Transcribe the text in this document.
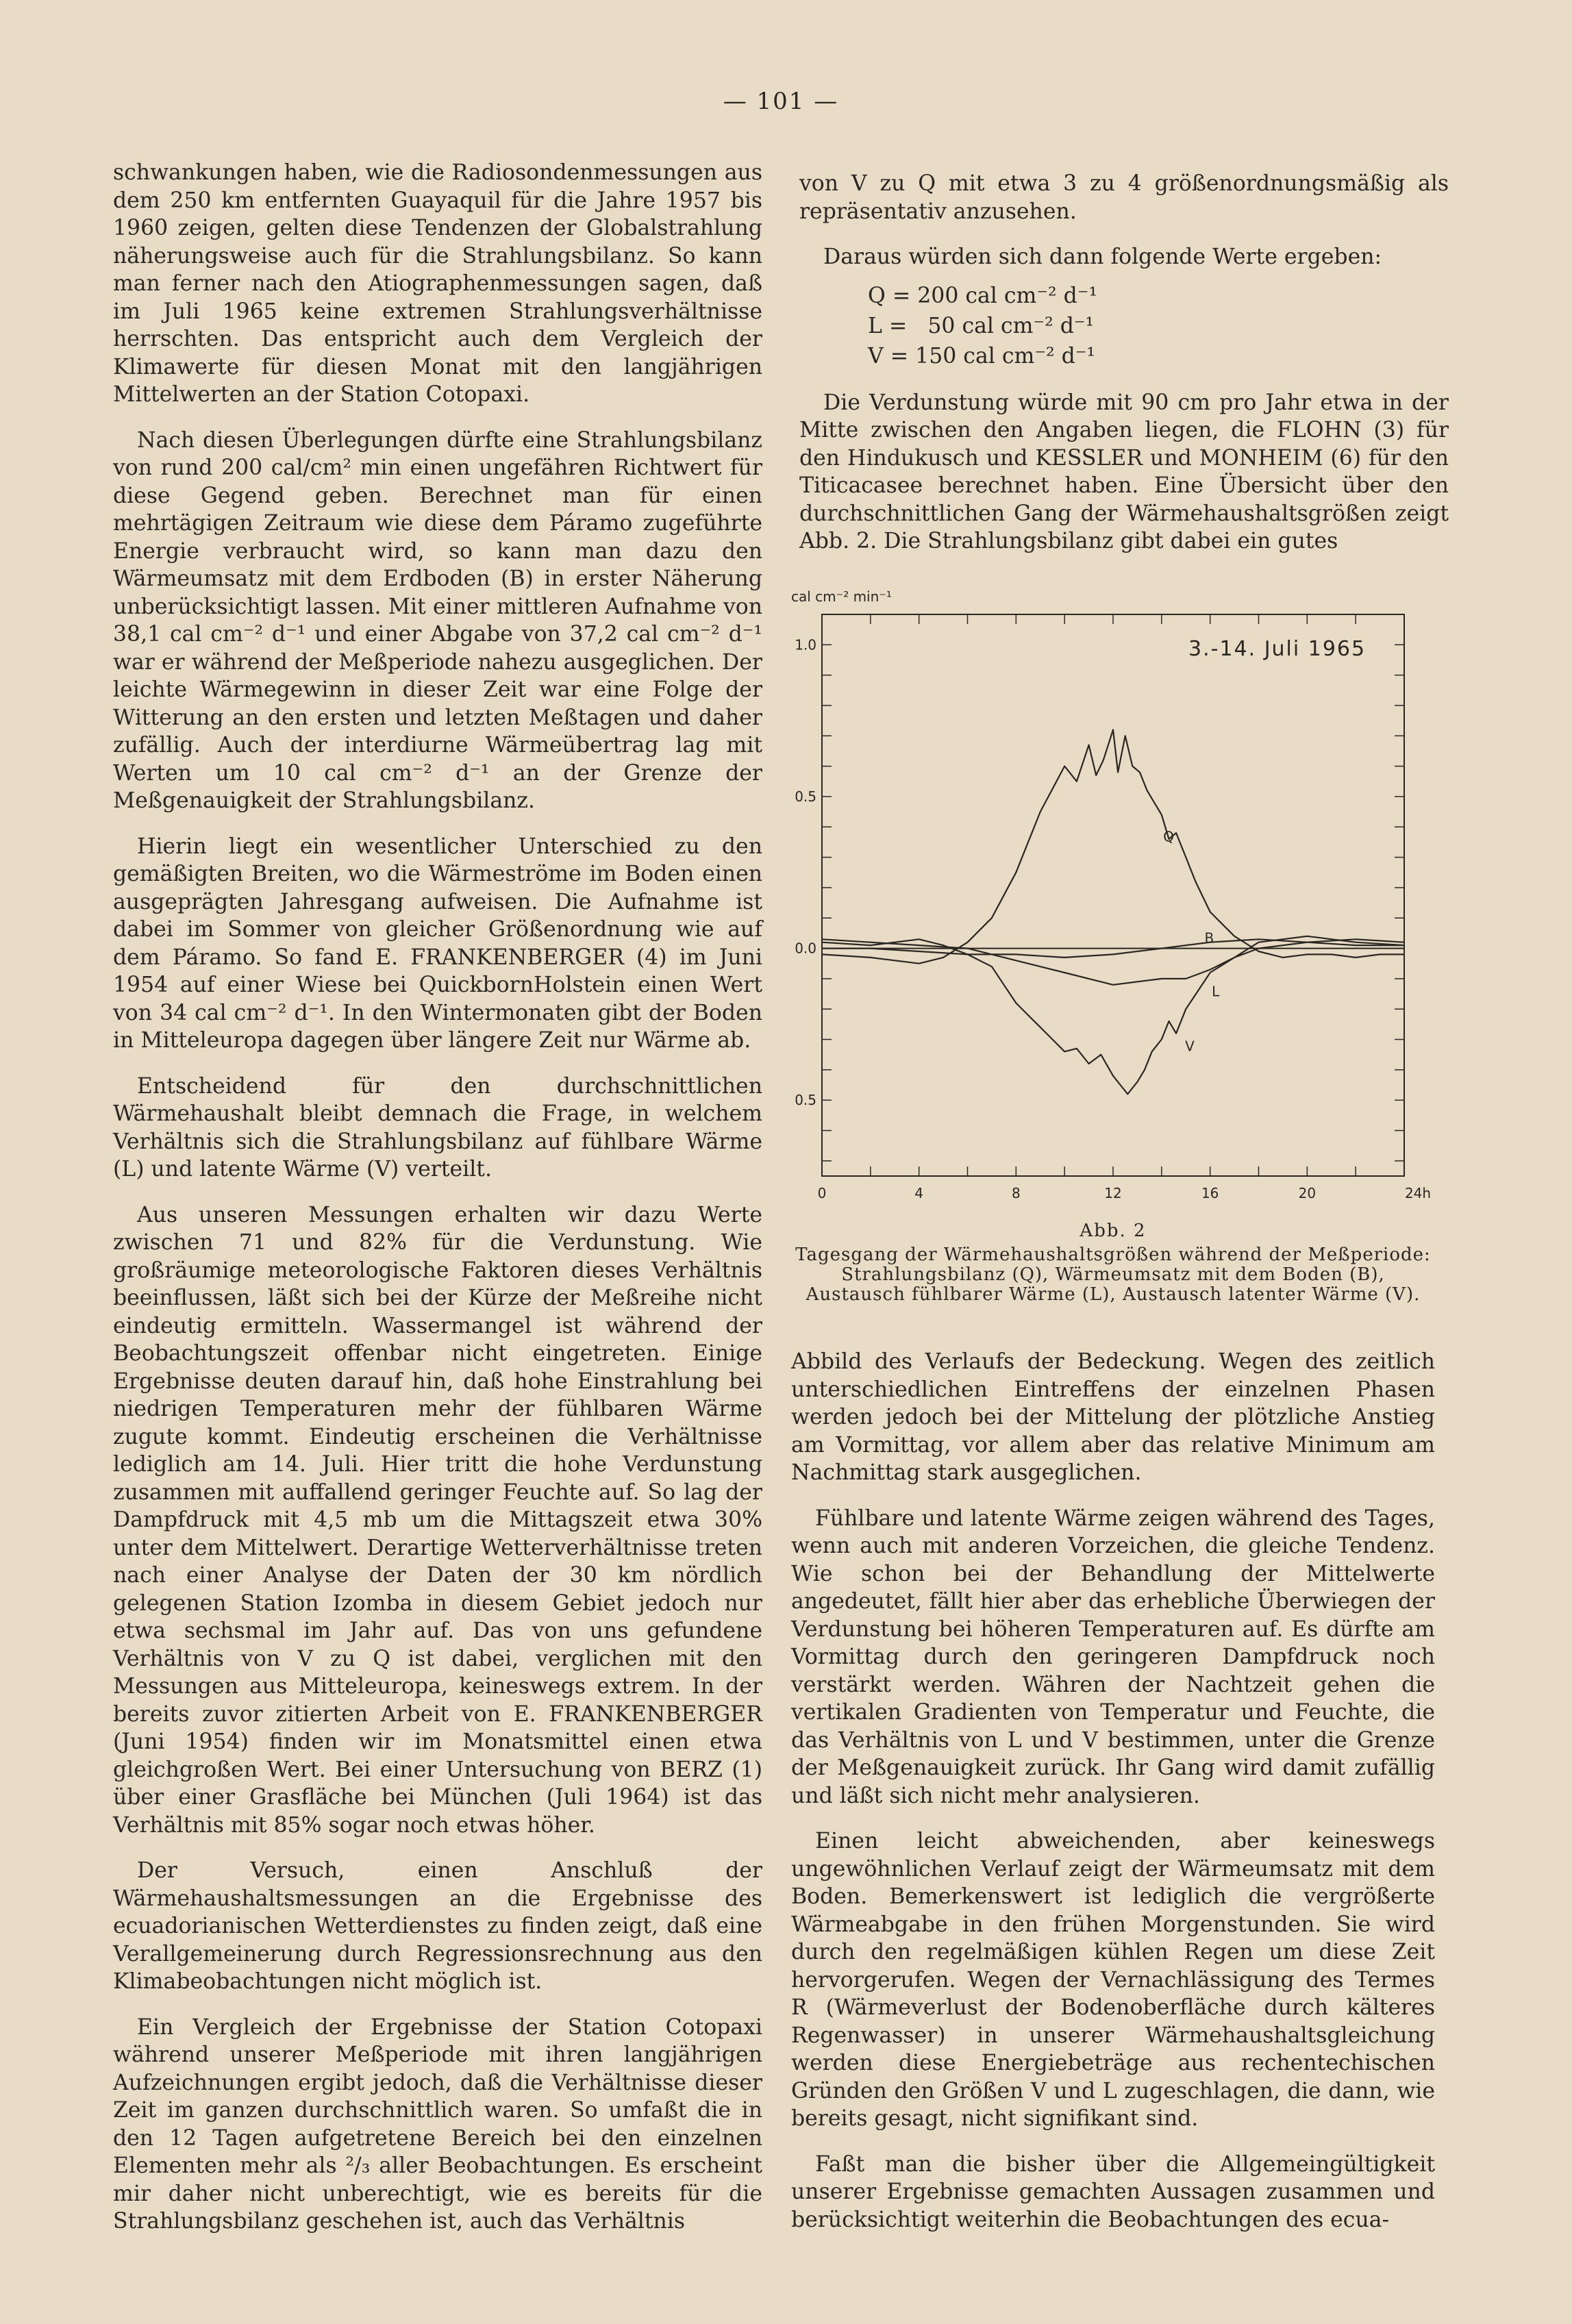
— 101 —

schwankungen haben, wie die Radiosondenmessungen aus dem 250 km entfernten Guayaquil für die Jahre 1957 bis 1960 zeigen, gelten diese Tendenzen der Globalstrahlung näherungsweise auch für die Strahlungsbilanz. So kann man ferner nach den Atiographenmessungen sagen, daß im Juli 1965 keine extremen Strahlungsverhältnisse herrschten. Das entspricht auch dem Vergleich der Klimawerte für diesen Monat mit den langjährigen Mittelwerten an der Station Cotopaxi.

Nach diesen Überlegungen dürfte eine Strahlungsbilanz von rund 200 cal/cm² min einen ungefähren Richtwert für diese Gegend geben. Berechnet man für einen mehrtägigen Zeitraum wie diese dem Páramo zugeführte Energie verbraucht wird, so kann man dazu den Wärmeumsatz mit dem Erdboden (B) in erster Näherung unberücksichtigt lassen. Mit einer mittleren Aufnahme von 38,1 cal cm⁻² d⁻¹ und einer Abgabe von 37,2 cal cm⁻² d⁻¹ war er während der Meßperiode nahezu ausgeglichen. Der leichte Wärmegewinn in dieser Zeit war eine Folge der Witterung an den ersten und letzten Meßtagen und daher zufällig. Auch der interdiurne Wärmeübertrag lag mit Werten um 10 cal cm⁻² d⁻¹ an der Grenze der Meßgenauigkeit der Strahlungsbilanz.

Hierin liegt ein wesentlicher Unterschied zu den gemäßigten Breiten, wo die Wärmeströme im Boden einen ausgeprägten Jahresgang aufweisen. Die Aufnahme ist dabei im Sommer von gleicher Größenordnung wie auf dem Páramo. So fand E. FRANKENBERGER (4) im Juni 1954 auf einer Wiese bei QuickbornHolstein einen Wert von 34 cal cm⁻² d⁻¹. In den Wintermonaten gibt der Boden in Mitteleuropa dagegen über längere Zeit nur Wärme ab.

Entscheidend für den durchschnittlichen Wärmehaushalt bleibt demnach die Frage, in welchem Verhältnis sich die Strahlungsbilanz auf fühlbare Wärme (L) und latente Wärme (V) verteilt.

Aus unseren Messungen erhalten wir dazu Werte zwischen 71 und 82% für die Verdunstung. Wie großräumige meteorologische Faktoren dieses Verhältnis beeinflussen, läßt sich bei der Kürze der Meßreihe nicht eindeutig ermitteln. Wassermangel ist während der Beobachtungszeit offenbar nicht eingetreten. Einige Ergebnisse deuten darauf hin, daß hohe Einstrahlung bei niedrigen Temperaturen mehr der fühlbaren Wärme zugute kommt. Eindeutig erscheinen die Verhältnisse lediglich am 14. Juli. Hier tritt die hohe Verdunstung zusammen mit auffallend geringer Feuchte auf. So lag der Dampfdruck mit 4,5 mb um die Mittagszeit etwa 30% unter dem Mittelwert. Derartige Wetterverhältnisse treten nach einer Analyse der Daten der 30 km nördlich gelegenen Station Izomba in diesem Gebiet jedoch nur etwa sechsmal im Jahr auf. Das von uns gefundene Verhältnis von V zu Q ist dabei, verglichen mit den Messungen aus Mitteleuropa, keineswegs extrem. In der bereits zuvor zitierten Arbeit von E. FRANKENBERGER (Juni 1954) finden wir im Monatsmittel einen etwa gleichgroßen Wert. Bei einer Untersuchung von BERZ (1) über einer Grasfläche bei München (Juli 1964) ist das Verhältnis mit 85% sogar noch etwas höher.

Der Versuch, einen Anschluß der Wärmehaushaltsmessungen an die Ergebnisse des ecuadorianischen Wetterdienstes zu finden zeigt, daß eine Verallgemeinerung durch Regressionsrechnung aus den Klimabeobachtungen nicht möglich ist.

Ein Vergleich der Ergebnisse der Station Cotopaxi während unserer Meßperiode mit ihren langjährigen Aufzeichnungen ergibt jedoch, daß die Verhältnisse dieser Zeit im ganzen durchschnittlich waren. So umfaßt die in den 12 Tagen aufgetretene Bereich bei den einzelnen Elementen mehr als ²/₃ aller Beobachtungen. Es erscheint mir daher nicht unberechtigt, wie es bereits für die Strahlungsbilanz geschehen ist, auch das Verhältnis

von V zu Q mit etwa 3 zu 4 größenordnungsmäßig als repräsentativ anzusehen.

Daraus würden sich dann folgende Werte ergeben:

Q = 200 cal cm⁻² d⁻¹
L =   50 cal cm⁻² d⁻¹
V = 150 cal cm⁻² d⁻¹

Die Verdunstung würde mit 90 cm pro Jahr etwa in der Mitte zwischen den Angaben liegen, die FLOHN (3) für den Hindukusch und KESSLER und MONHEIM (6) für den Titicacasee berechnet haben. Eine Übersicht über den durchschnittlichen Gang der Wärmehaushaltsgrößen zeigt Abb. 2. Die Strahlungsbilanz gibt dabei ein gutes

1.0
0.5
0.0
0.5
0	4	8	12	16	20	24h
cal cm⁻² min⁻¹
3.-14. Juli 1965
Q
B
L
V
Abb. 2
Tagesgang der Wärmehaushaltsgrößen während der Meßperiode: Strahlungsbilanz (Q), Wärmeumsatz mit dem Boden (B), Austausch fühlbarer Wärme (L), Austausch latenter Wärme (V).

Abbild des Verlaufs der Bedeckung. Wegen des zeitlich unterschiedlichen Eintreffens der einzelnen Phasen werden jedoch bei der Mittelung der plötzliche Anstieg am Vormittag, vor allem aber das relative Minimum am Nachmittag stark ausgeglichen.

Fühlbare und latente Wärme zeigen während des Tages, wenn auch mit anderen Vorzeichen, die gleiche Tendenz. Wie schon bei der Behandlung der Mittelwerte angedeutet, fällt hier aber das erhebliche Überwiegen der Verdunstung bei höheren Temperaturen auf. Es dürfte am Vormittag durch den geringeren Dampfdruck noch verstärkt werden. Währen der Nachtzeit gehen die vertikalen Gradienten von Temperatur und Feuchte, die das Verhältnis von L und V bestimmen, unter die Grenze der Meßgenauigkeit zurück. Ihr Gang wird damit zufällig und läßt sich nicht mehr analysieren.

Einen leicht abweichenden, aber keineswegs ungewöhnlichen Verlauf zeigt der Wärmeumsatz mit dem Boden. Bemerkenswert ist lediglich die vergrößerte Wärmeabgabe in den frühen Morgenstunden. Sie wird durch den regelmäßigen kühlen Regen um diese Zeit hervorgerufen. Wegen der Vernachlässigung des Termes R (Wärmeverlust der Bodenoberfläche durch kälteres Regenwasser) in unserer Wärmehaushaltsgleichung werden diese Energiebeträge aus rechentechischen Gründen den Größen V und L zugeschlagen, die dann, wie bereits gesagt, nicht signifikant sind.

Faßt man die bisher über die Allgemeingültigkeit unserer Ergebnisse gemachten Aussagen zusammen und berücksichtigt weiterhin die Beobachtungen des ecua-
